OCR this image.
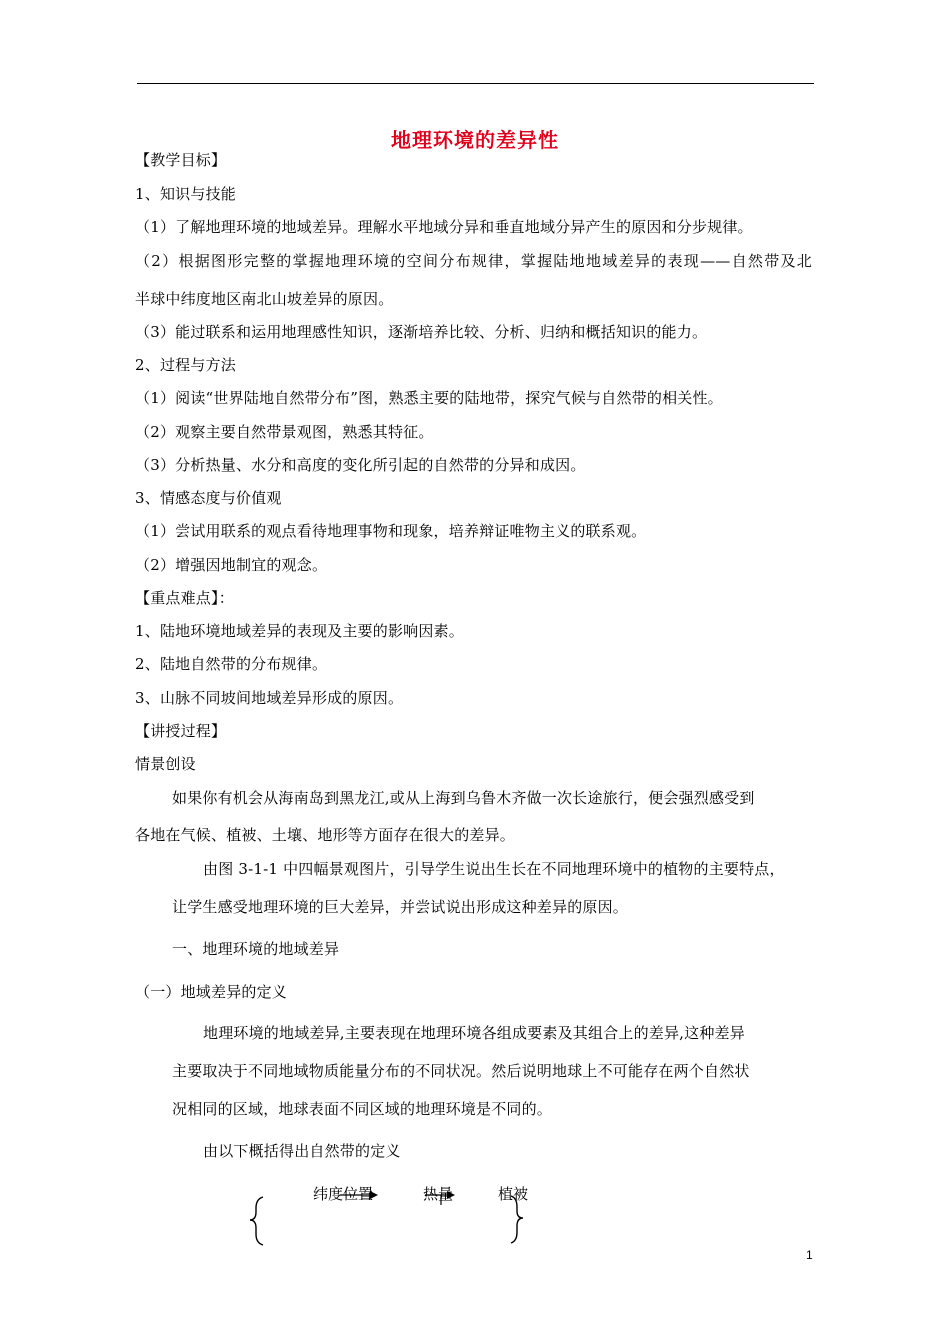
地理环境的差异性
【教学目标】
1、知识与技能
（1）了解地理环境的地域差异。理解水平地域分异和垂直地域分异产生的原因和分步规律。
（2）根据图形完整的掌握地理环境的空间分布规律，掌握陆地地域差异的表现——自然带及北
半球中纬度地区南北山坡差异的原因。
（3）能过联系和运用地理感性知识，逐渐培养比较、分析、归纳和概括知识的能力。
2、过程与方法
（1）阅读“世界陆地自然带分布”图，熟悉主要的陆地带，探究气候与自然带的相关性。
（2）观察主要自然带景观图，熟悉其特征。
（3）分析热量、水分和高度的变化所引起的自然带的分异和成因。
3、情感态度与价值观
（1）尝试用联系的观点看待地理事物和现象，培养辩证唯物主义的联系观。
（2）增强因地制宜的观念。
【重点难点】：
1、陆地环境地域差异的表现及主要的影响因素。
2、陆地自然带的分布规律。
3、山脉不同坡间地域差异形成的原因。
【讲授过程】
情景创设
如果你有机会从海南岛到黑龙江,或从上海到乌鲁木齐做一次长途旅行，便会强烈感受到
各地在气候、植被、土壤、地形等方面存在很大的差异。
由图 3-1-1 中四幅景观图片，引导学生说出生长在不同地理环境中的植物的主要特点，
让学生感受地理环境的巨大差异，并尝试说出形成这种差异的原因。
一、地理环境的地域差异
（一）地域差异的定义
地理环境的地域差异,主要表现在地理环境各组成要素及其组合上的差异,这种差异
主要取决于不同地域物质能量分布的不同状况。然后说明地球上不可能存在两个自然状
况相同的区域，地球表面不同区域的地理环境是不同的。
由以下概括得出自然带的定义
纬度位置	热量	植被
1
